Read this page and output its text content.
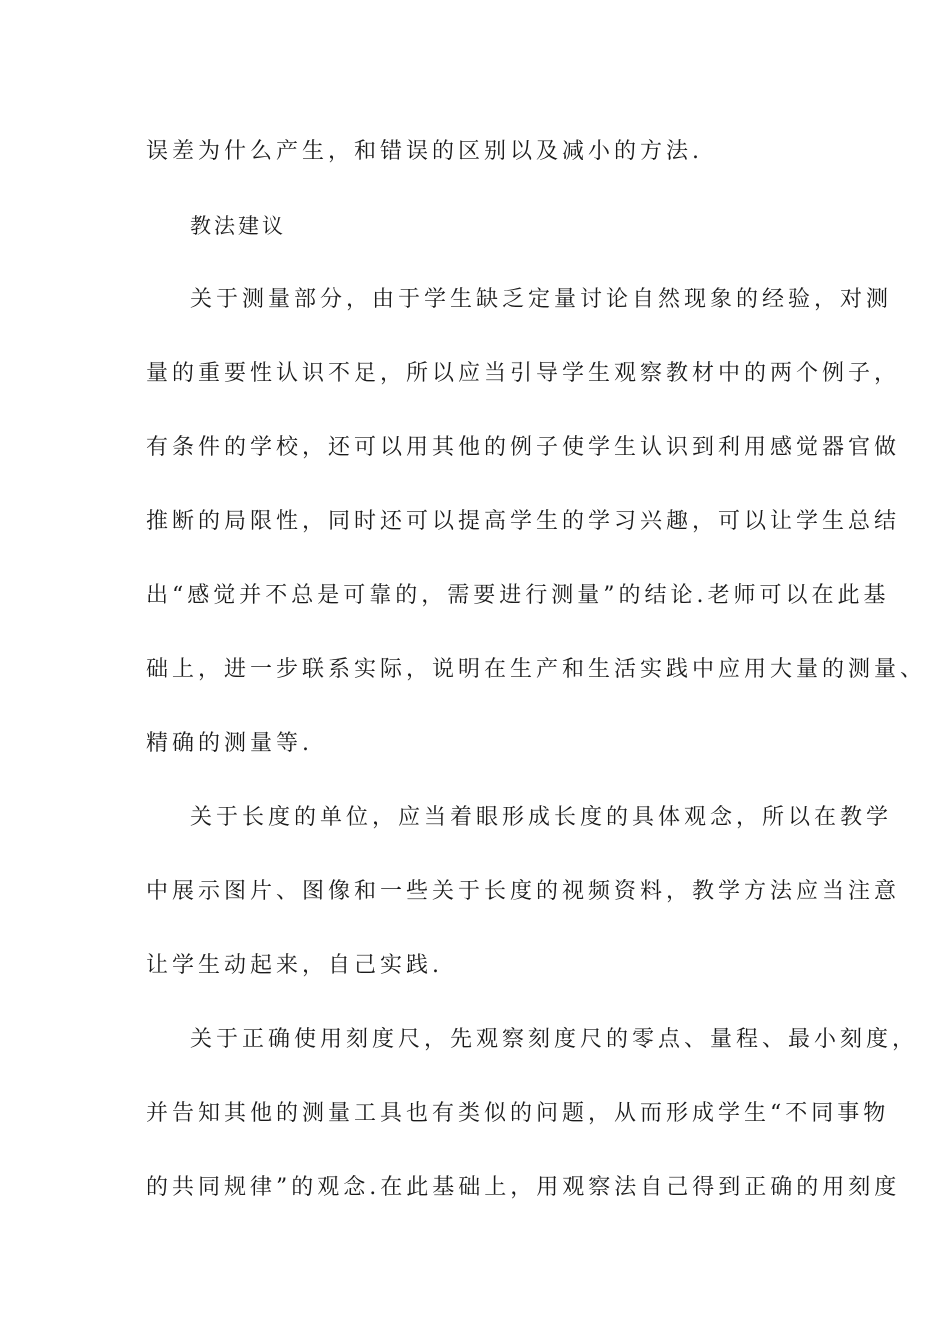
误差为什么产生，和错误的区别以及减小的方法.
教法建议
关于测量部分，由于学生缺乏定量讨论自然现象的经验，对测
量的重要性认识不足，所以应当引导学生观察教材中的两个例子，
有条件的学校，还可以用其他的例子使学生认识到利用感觉器官做
推断的局限性，同时还可以提高学生的学习兴趣，可以让学生总结
出“感觉并不总是可靠的，需要进行测量”的结论.老师可以在此基
础上，进一步联系实际，说明在生产和生活实践中应用大量的测量、
精确的测量等.
关于长度的单位，应当着眼形成长度的具体观念，所以在教学
中展示图片、图像和一些关于长度的视频资料，教学方法应当注意
让学生动起来，自己实践.
关于正确使用刻度尺，先观察刻度尺的零点、量程、最小刻度，
并告知其他的测量工具也有类似的问题，从而形成学生“不同事物
的共同规律”的观念.在此基础上，用观察法自己得到正确的用刻度
